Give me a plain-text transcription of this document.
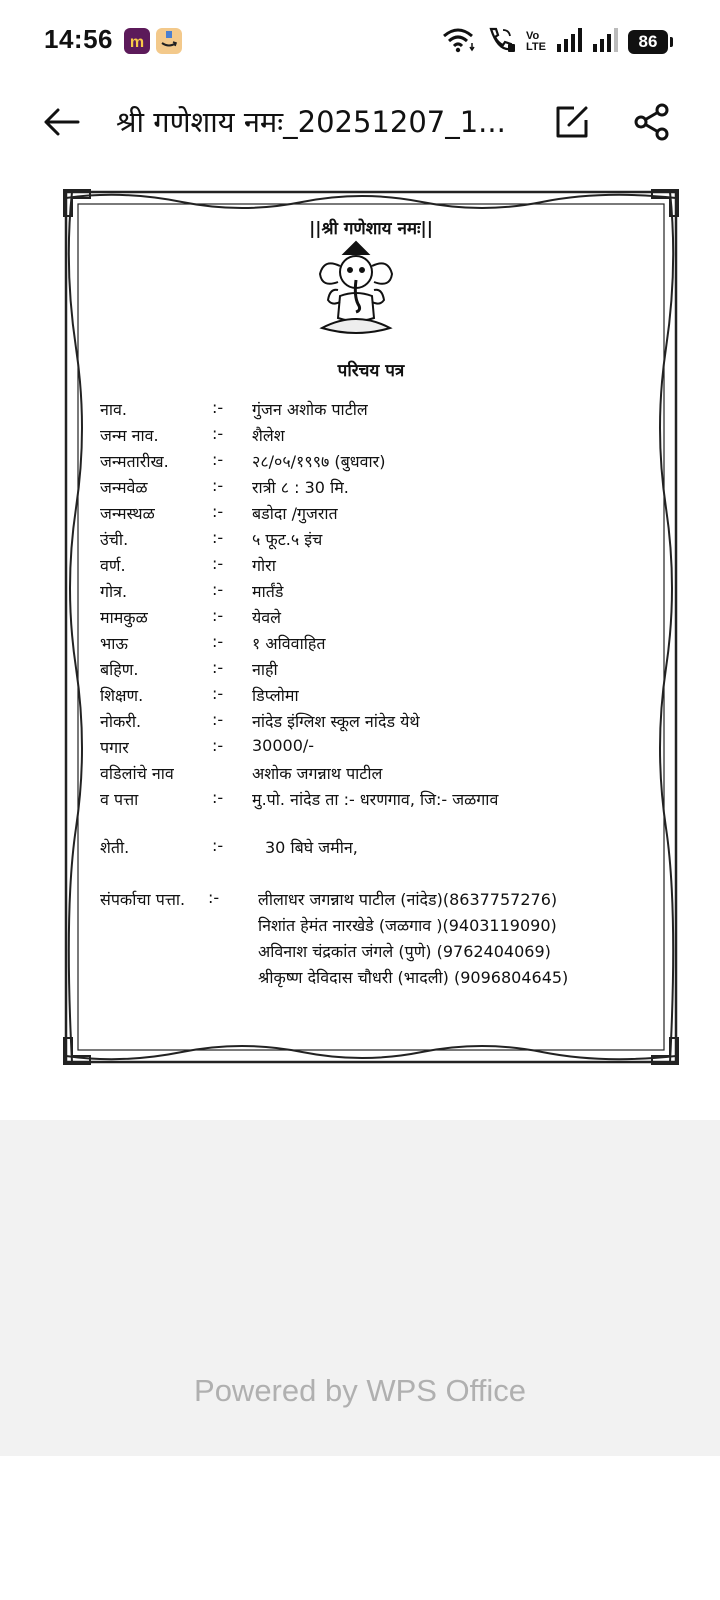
14:56 m	Vo
LTE	86
श्री गणेशाय नमः_20251207_1...
||श्री गणेशाय नमः||
परिचय पत्र
नाव.	:- गुंजन अशोक पाटील
जन्म नाव.	:- शैलेश
जन्मतारीख.	:- २८/०५/१९९७ (बुधवार)
जन्मवेळ	:- रात्री ८ : 30 मि.
जन्मस्थळ	:- बडोदा /गुजरात
उंची.	:- ५ फूट.५ इंच
वर्ण.	:- गोरा
गोत्र.	:- मार्तंडे
मामकुळ	:- येवले
भाऊ	:- १ अविवाहित
बहिण.	:- नाही
शिक्षण.	:- डिप्लोमा
नोकरी.	:- नांदेड इंग्लिश स्कूल नांदेड येथे
पगार	:- 30000/-
वडिलांचे नाव	अशोक जगन्नाथ पाटील
व पत्ता	:- मु.पो. नांदेड ता :- धरणगाव, जि:- जळगाव
शेती.	:-	30 बिघे जमीन,
संपर्काचा पत्ता. :- लीलाधर जगन्नाथ पाटील (नांदेड)(8637757276)
निशांत हेमंत नारखेडे (जळगाव )(9403119090)
अविनाश चंद्रकांत जंगले (पुणे) (9762404069)
श्रीकृष्ण देविदास चौधरी (भादली) (9096804645)
Powered by WPS Office
